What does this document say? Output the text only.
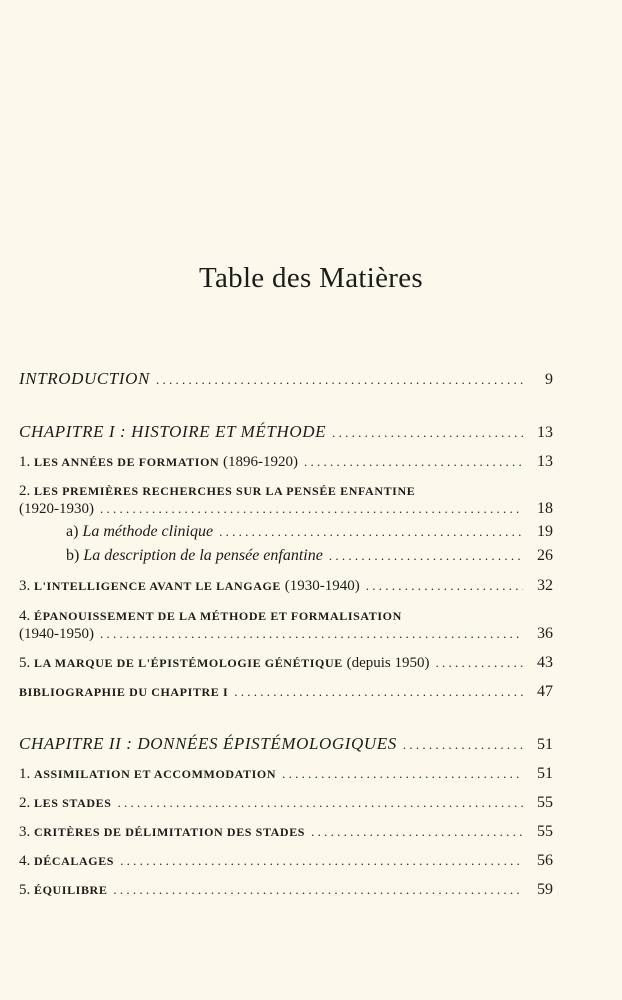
Table des Matières
INTRODUCTION . . .	9
CHAPITRE I : HISTOIRE ET MÉTHODE . . .	13
1. LES ANNÉES DE FORMATION (1896-1920) . . .	13
2. LES PREMIÈRES RECHERCHES SUR LA PENSÉE ENFANTINE
(1920-1930) . . .	18
a) La méthode clinique . . .	19
b) La description de la pensée enfantine . . .	26
3. L'INTELLIGENCE AVANT LE LANGAGE (1930-1940) . . .	32
4. ÉPANOUISSEMENT DE LA MÉTHODE ET FORMALISATION
(1940-1950) . . .	36
5. LA MARQUE DE L'ÉPISTÉMOLOGIE GÉNÉTIQUE (depuis 1950) . . .	43
BIBLIOGRAPHIE DU CHAPITRE I . . .	47
CHAPITRE II : DONNÉES ÉPISTÉMOLOGIQUES . . .	51
1. ASSIMILATION ET ACCOMMODATION . . .	51
2. LES STADES . . .	55
3. CRITÈRES DE DÉLIMITATION DES STADES . . .	55
4. DÉCALAGES . . .	56
5. ÉQUILIBRE . . .	59
